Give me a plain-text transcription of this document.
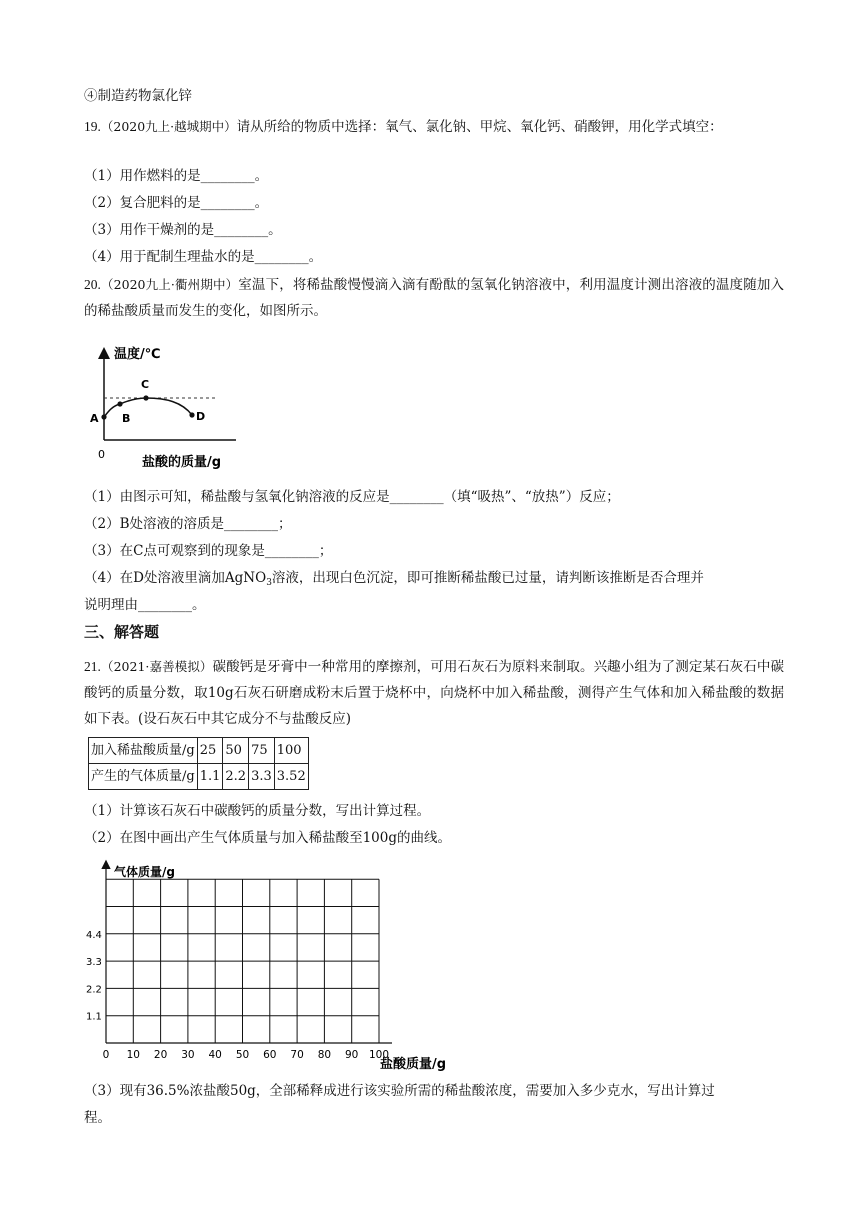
④制造药物氯化锌
19.（2020九上·越城期中）请从所给的物质中选择：氧气、氯化钠、甲烷、氧化钙、硝酸钾，用化学式填空：
（1）用作燃料的是________。
（2）复合肥料的是________。
（3）用作干燥剂的是________。
（4）用于配制生理盐水的是________。
20.（2020九上·衢州期中）室温下，将稀盐酸慢慢滴入滴有酚酞的氢氧化钠溶液中，利用温度计测出溶液的温度随加入的稀盐酸质量而发生的变化，如图所示。
温度/℃
A B
C
D
0
盐酸的质量/g
（1）由图示可知，稀盐酸与氢氧化钠溶液的反应是________（填“吸热”、“放热”）反应；
（2）B处溶液的溶质是________；
（3）在C点可观察到的现象是________；
（4）在D处溶液里滴加AgNO$_3$溶液，出现白色沉淀，即可推断稀盐酸已过量，请判断该推断是否合理并
说明理由________。
三、解答题
21.（2021·嘉善模拟）碳酸钙是牙膏中一种常用的摩擦剂，可用石灰石为原料来制取。兴趣小组为了测定某石灰石中碳酸钙的质量分数，取10g石灰石研磨成粉末后置于烧杯中，向烧杯中加入稀盐酸，测得产生气体和加入稀盐酸的数据如下表。(设石灰石中其它成分不与盐酸反应)
加入稀盐酸质量/g	25	50	75	100
产生的气体质量/g	1.1	2.2	3.3	3.52
（1）计算该石灰石中碳酸钙的质量分数，写出计算过程。
（2）在图中画出产生气体质量与加入稀盐酸至100g的曲线。
气体质量/g
盐酸质量/g
4.4
3.3
2.2
1.1
0 10 20 30 40 50 60 70 80 90 100
（3）现有36.5%浓盐酸50g，全部稀释成进行该实验所需的稀盐酸浓度，需要加入多少克水，写出计算过
程。
